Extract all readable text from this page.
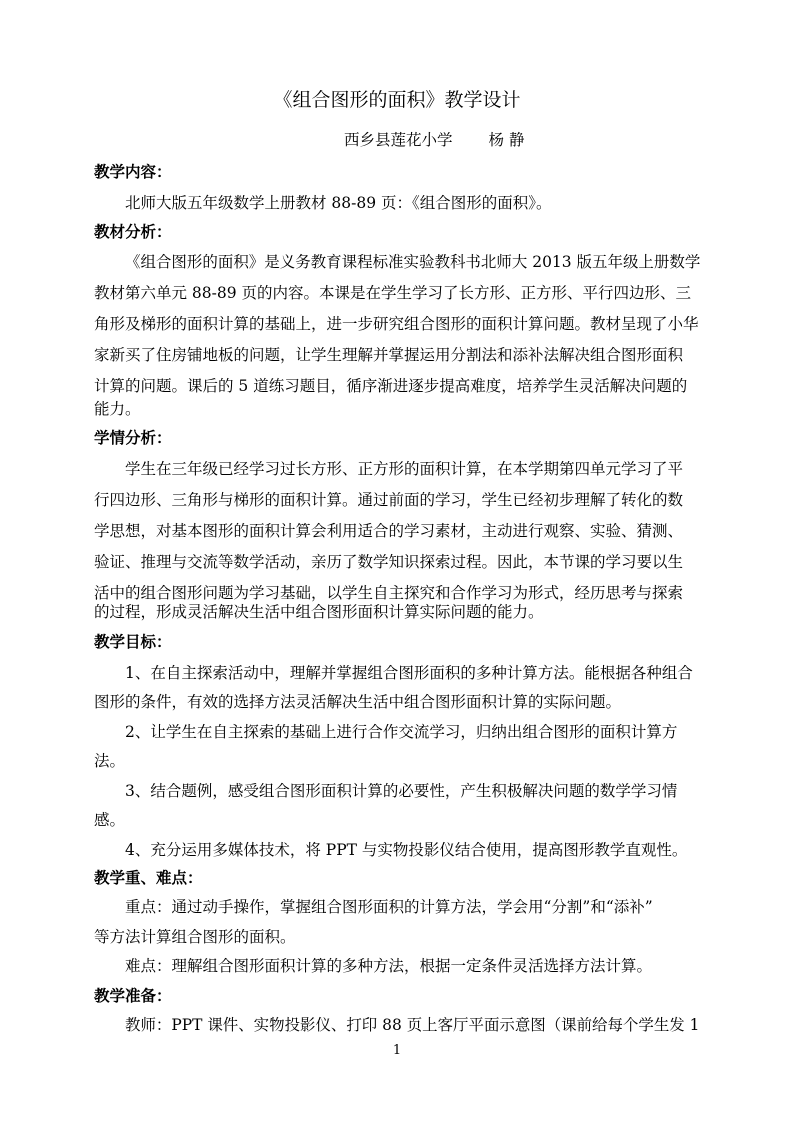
《组合图形的面积》教学设计
西乡县莲花小学 杨 静
教学内容：
北师大版五年级数学上册教材 88-89 页：《组合图形的面积》。
教材分析：
《组合图形的面积》是义务教育课程标准实验教科书北师大 2013 版五年级上册数学
教材第六单元 88-89 页的内容。本课是在学生学习了长方形、正方形、平行四边形、三
角形及梯形的面积计算的基础上，进一步研究组合图形的面积计算问题。教材呈现了小华
家新买了住房铺地板的问题，让学生理解并掌握运用分割法和添补法解决组合图形面积
计算的问题。课后的 5 道练习题目，循序渐进逐步提高难度，培养学生灵活解决问题的
能力。
学情分析：
学生在三年级已经学习过长方形、正方形的面积计算，在本学期第四单元学习了平
行四边形、三角形与梯形的面积计算。通过前面的学习，学生已经初步理解了转化的数
学思想，对基本图形的面积计算会利用适合的学习素材，主动进行观察、实验、猜测、
验证、推理与交流等数学活动，亲历了数学知识探索过程。因此，本节课的学习要以生
活中的组合图形问题为学习基础，以学生自主探究和合作学习为形式，经历思考与探索
的过程，形成灵活解决生活中组合图形面积计算实际问题的能力。
教学目标：
1、在自主探索活动中，理解并掌握组合图形面积的多种计算方法。能根据各种组合
图形的条件，有效的选择方法灵活解决生活中组合图形面积计算的实际问题。
2、让学生在自主探索的基础上进行合作交流学习，归纳出组合图形的面积计算方
法。
3、结合题例，感受组合图形面积计算的必要性，产生积极解决问题的数学学习情
感。
4、充分运用多媒体技术，将 PPT 与实物投影仪结合使用，提高图形教学直观性。
教学重、难点：
重点：通过动手操作，掌握组合图形面积的计算方法，学会用“分割”和“添补”
等方法计算组合图形的面积。
难点：理解组合图形面积计算的多种方法，根据一定条件灵活选择方法计算。
教学准备：
教师：PPT 课件、实物投影仪、打印 88 页上客厅平面示意图（课前给每个学生发 1
1
